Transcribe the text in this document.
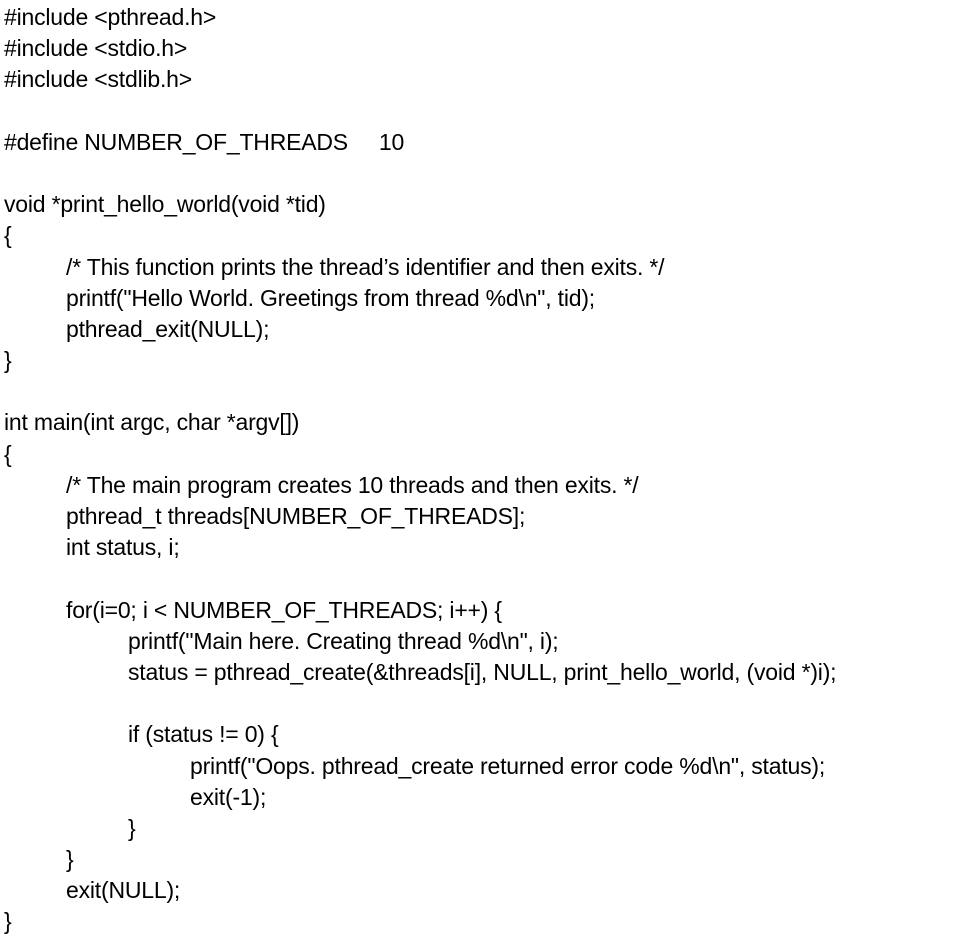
#include <pthread.h>
#include <stdio.h>
#include <stdlib.h>
#define NUMBER_OF_THREADS     10
void *print_hello_world(void *tid)
{
/* This function prints the thread’s identifier and then exits. */
printf("Hello World. Greetings from thread %d\n", tid);
pthread_exit(NULL);
}
int main(int argc, char *argv[])
{
/* The main program creates 10 threads and then exits. */
pthread_t threads[NUMBER_OF_THREADS];
int status, i;
for(i=0; i < NUMBER_OF_THREADS; i++) {
printf("Main here. Creating thread %d\n", i);
status = pthread_create(&threads[i], NULL, print_hello_world, (void *)i);
if (status != 0) {
printf("Oops. pthread_create returned error code %d\n", status);
exit(-1);
}
}
exit(NULL);
}
